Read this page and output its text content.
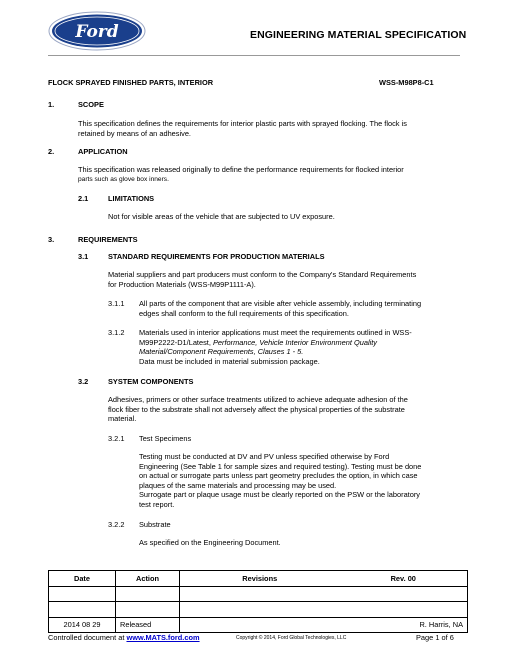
Ford	ENGINEERING MATERIAL SPECIFICATION
FLOCK SPRAYED FINISHED PARTS, INTERIOR	WSS-M98P8-C1
1.	SCOPE
This specification defines the requirements for interior plastic parts with sprayed flocking. The flock is
retained by means of an adhesive.
2.	APPLICATION
This specification was released originally to define the performance requirements for flocked interior
parts such as glove box inners.
2.1	LIMITATIONS
Not for visible areas of the vehicle that are subjected to UV exposure.
3.	REQUIREMENTS
3.1	STANDARD REQUIREMENTS FOR PRODUCTION MATERIALS
Material suppliers and part producers must conform to the Company's Standard Requirements
for Production Materials (WSS-M99P1111-A).
3.1.1 All parts of the component that are visible after vehicle assembly, including terminating
edges shall conform to the full requirements of this specification.
3.1.2 Materials used in interior applications must meet the requirements outlined in WSS-
M99P2222-D1/Latest, Performance, Vehicle Interior Environment Quality
Material/Component Requirements, Clauses 1 - 5.
Data must be included in material submission package.
3.2	SYSTEM COMPONENTS
Adhesives, primers or other surface treatments utilized to achieve adequate adhesion of the
flock fiber to the substrate shall not adversely affect the physical properties of the substrate
material.
3.2.1 Test Specimens
Testing must be conducted at DV and PV unless specified otherwise by Ford
Engineering (See Table 1 for sample sizes and required testing). Testing must be done
on actual or surrogate parts unless part geometry precludes the option, in which case
plaques of the same materials and processing may be used.
Surrogate part or plaque usage must be clearly reported on the PSW or the laboratory
test report.
3.2.2 Substrate
As specified on the Engineering Document.
Date	Action	Revisions	Rev. 00

2014 08 29	Released		R. Harris, NA
Controlled document at www.MATS.ford.com	Copyright © 2014, Ford Global Technologies, LLC	Page 1 of 6
